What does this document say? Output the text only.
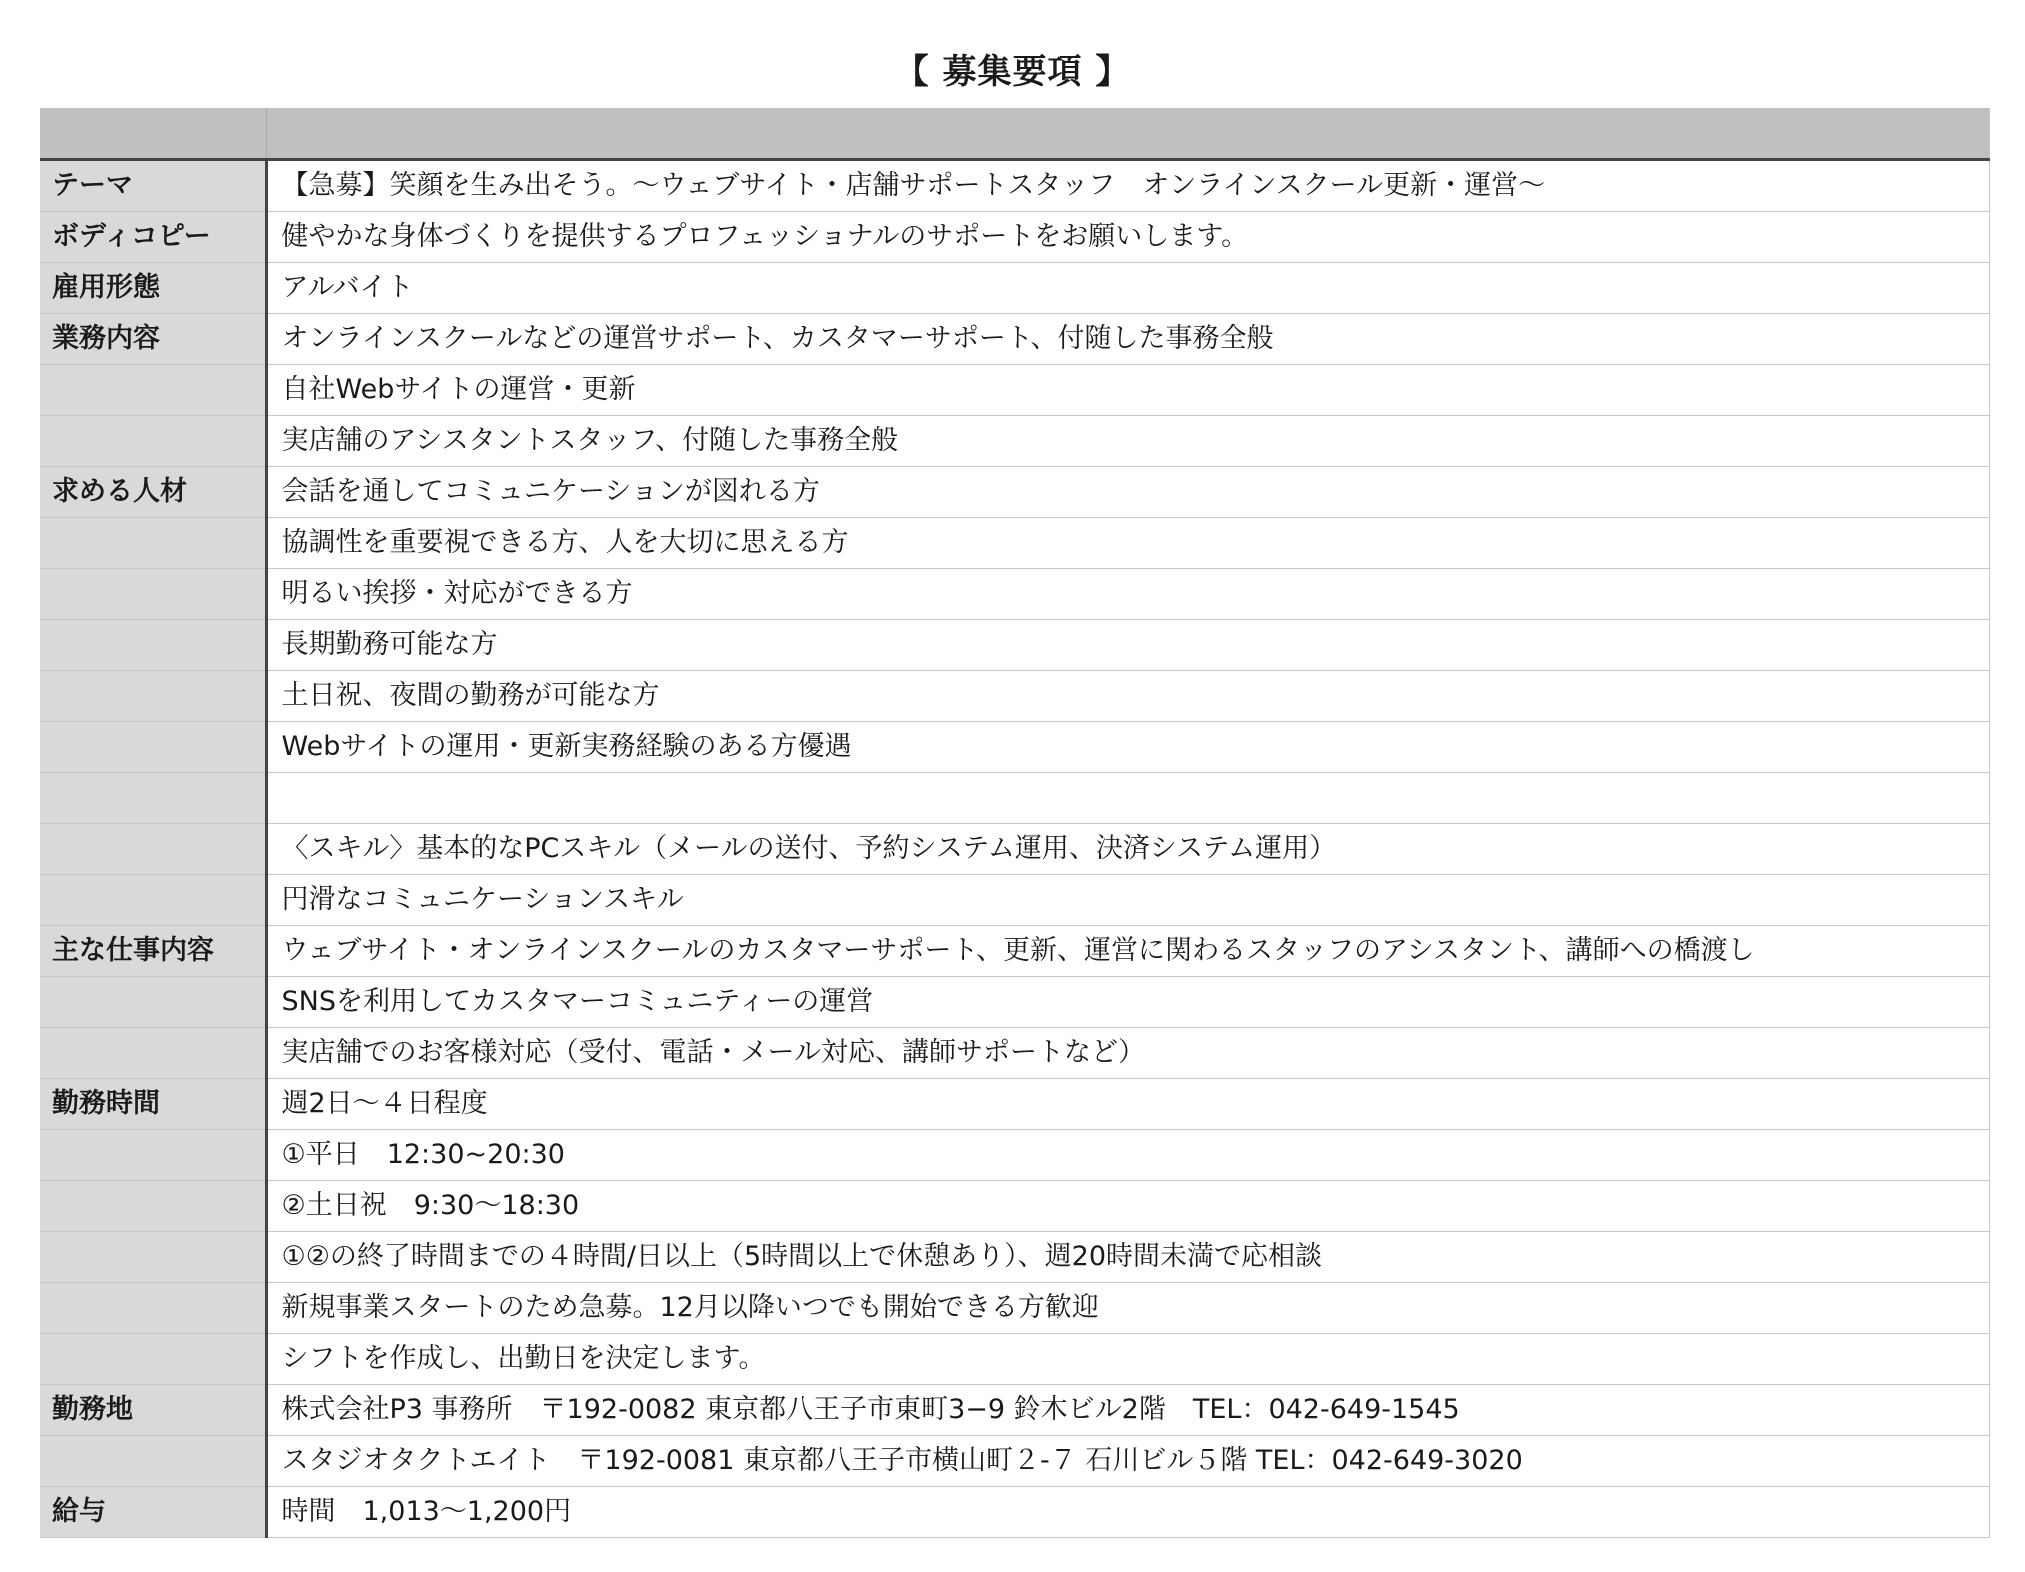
【 募集要項 】

テーマ	【急募】笑顔を生み出そう。〜ウェブサイト・店舗サポートスタッフ　オンラインスクール更新・運営〜
ボディコピー	健やかな身体づくりを提供するプロフェッショナルのサポートをお願いします。
雇用形態	アルバイト
業務内容	オンラインスクールなどの運営サポート、カスタマーサポート、付随した事務全般
	自社Webサイトの運営・更新
	実店舗のアシスタントスタッフ、付随した事務全般
求める人材	会話を通してコミュニケーションが図れる方
	協調性を重要視できる方、人を大切に思える方
	明るい挨拶・対応ができる方
	長期勤務可能な方
	土日祝、夜間の勤務が可能な方
	Webサイトの運用・更新実務経験のある方優遇

	〈スキル〉基本的なPCスキル（メールの送付、予約システム運用、決済システム運用）
	円滑なコミュニケーションスキル
主な仕事内容	ウェブサイト・オンラインスクールのカスタマーサポート、更新、運営に関わるスタッフのアシスタント、講師への橋渡し
	SNSを利用してカスタマーコミュニティーの運営
	実店舗でのお客様対応（受付、電話・メール対応、講師サポートなど）
勤務時間	週2日〜４日程度
	①平日　12:30~20:30
	②土日祝　9:30〜18:30
	①②の終了時間までの４時間/日以上（5時間以上で休憩あり）、週20時間未満で応相談
	新規事業スタートのため急募。12月以降いつでも開始できる方歓迎
	シフトを作成し、出勤日を決定します。
勤務地	株式会社P3 事務所　〒192-0082 東京都八王子市東町3−9 鈴木ビル2階　TEL：042-649-1545
	スタジオタクトエイト　〒192-0081 東京都八王子市横山町２-７ 石川ビル５階 TEL：042-649-3020
給与	時間　1,013〜1,200円
